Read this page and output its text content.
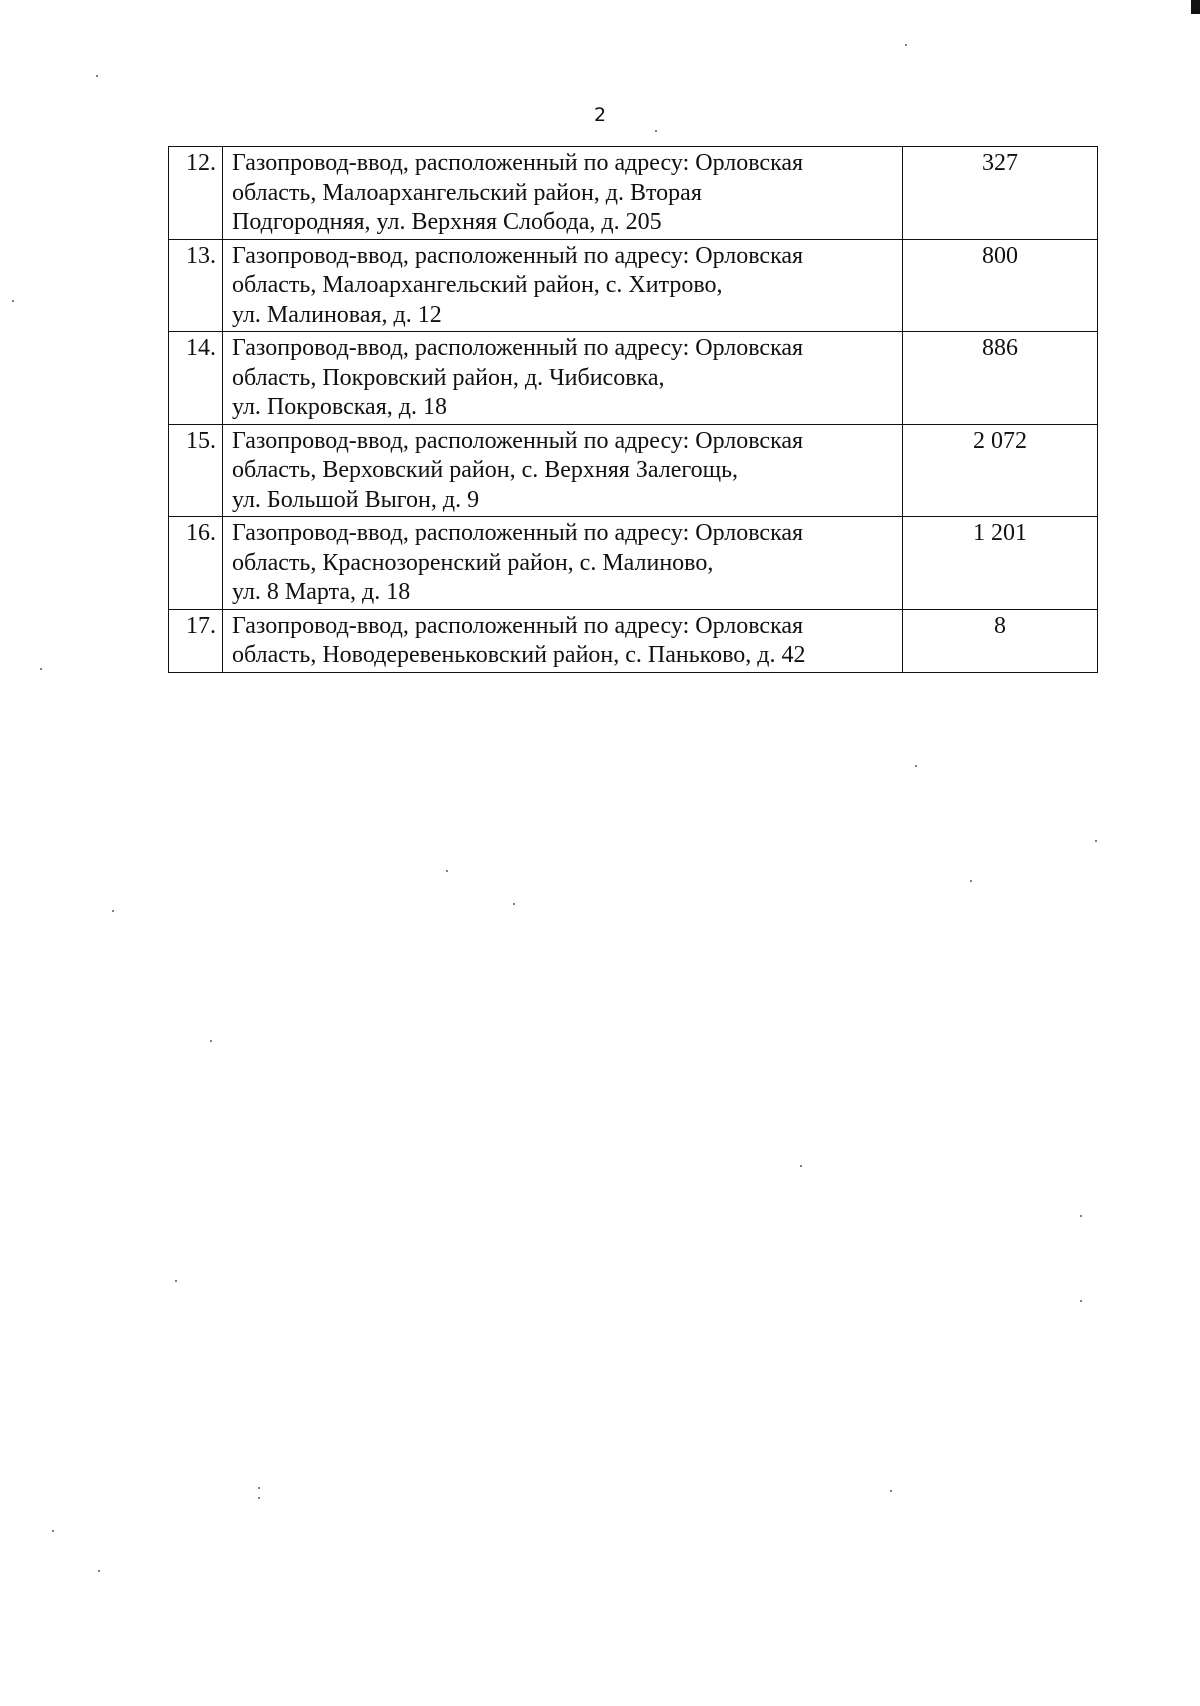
2
12.	Газопровод-ввод, расположенный по адресу: Орловская
область, Малоархангельский район, д. Вторая
Подгородняя, ул. Верхняя Слобода, д. 205	327
13.	Газопровод-ввод, расположенный по адресу: Орловская
область, Малоархангельский район, с. Хитрово,
ул. Малиновая, д. 12	800
14.	Газопровод-ввод, расположенный по адресу: Орловская
область, Покровский район, д. Чибисовка,
ул. Покровская, д. 18	886
15.	Газопровод-ввод, расположенный по адресу: Орловская
область, Верховский район, с. Верхняя Залегощь,
ул. Большой Выгон, д. 9	2 072
16.	Газопровод-ввод, расположенный по адресу: Орловская
область, Краснозоренский район, с. Малиново,
ул. 8 Марта, д. 18	1 201
17.	Газопровод-ввод, расположенный по адресу: Орловская
область, Новодеревеньковский район, с. Паньково, д. 42	8
